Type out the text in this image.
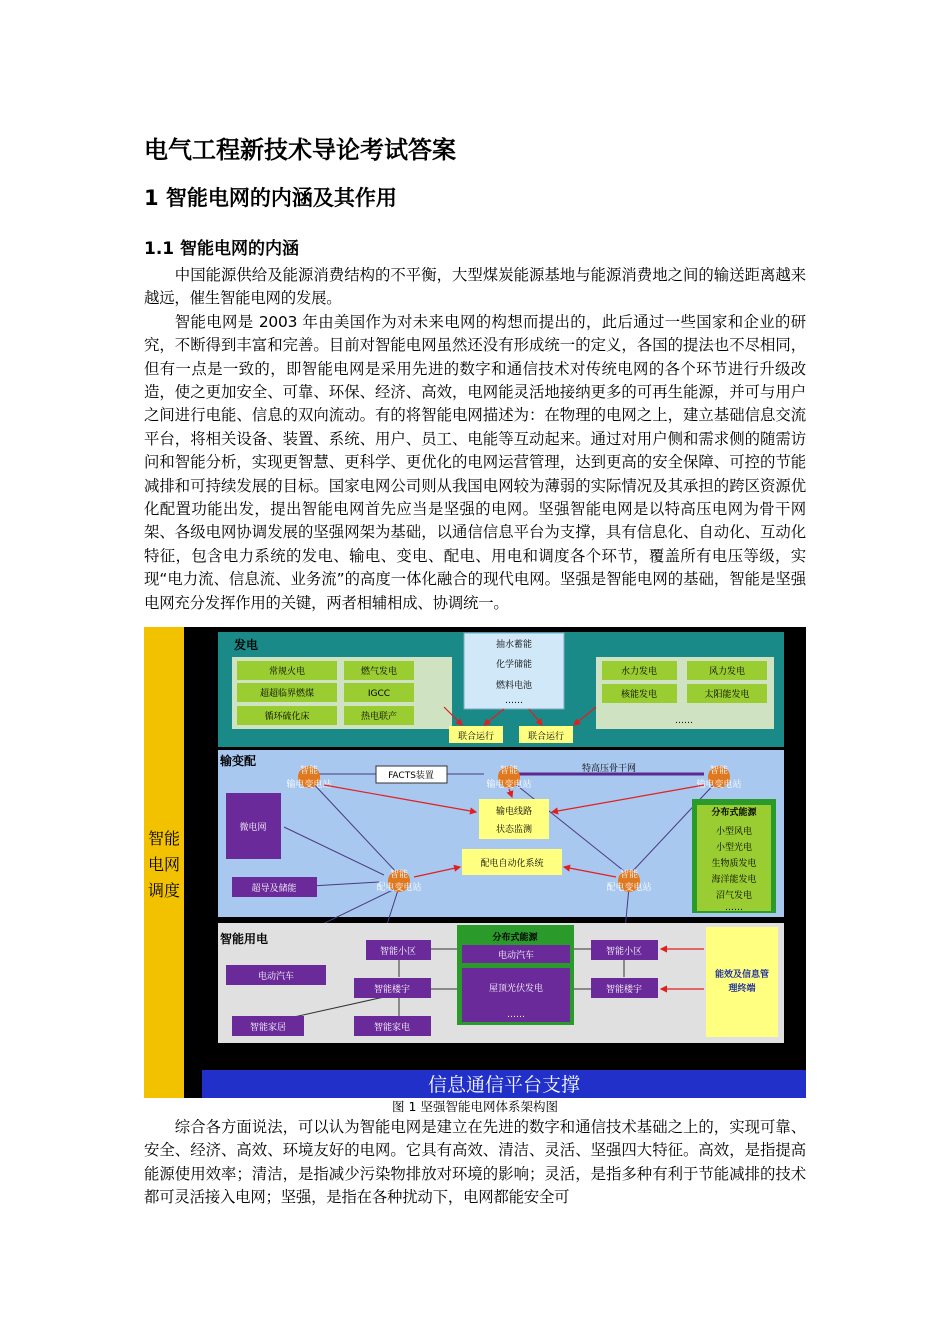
电气工程新技术导论考试答案
1 智能电网的内涵及其作用
1.1 智能电网的内涵

中国能源供给及能源消费结构的不平衡，大型煤炭能源基地与能源消费地之间的输送距离越来越远，催生智能电网的发展。

智能电网是 2003 年由美国作为对未来电网的构想而提出的，此后通过一些国家和企业的研究，不断得到丰富和完善。目前对智能电网虽然还没有形成统一的定义，各国的提法也不尽相同，但有一点是一致的，即智能电网是采用先进的数字和通信技术对传统电网的各个环节进行升级改造，使之更加安全、可靠、环保、经济、高效，电网能灵活地接纳更多的可再生能源，并可与用户之间进行电能、信息的双向流动。有的将智能电网描述为：在物理的电网之上，建立基础信息交流平台，将相关设备、装置、系统、用户、员工、电能等互动起来。通过对用户侧和需求侧的随需访问和智能分析，实现更智慧、更科学、更优化的电网运营管理，达到更高的安全保障、可控的节能减排和可持续发展的目标。国家电网公司则从我国电网较为薄弱的实际情况及其承担的跨区资源优化配置功能出发，提出智能电网首先应当是坚强的电网。坚强智能电网是以特高压电网为骨干网架、各级电网协调发展的坚强网架为基础，以通信信息平台为支撑，具有信息化、自动化、互动化特征，包含电力系统的发电、输电、变电、配电、用电和调度各个环节，覆盖所有电压等级，实现“电力流、信息流、业务流”的高度一体化融合的现代电网。坚强是智能电网的基础，智能是坚强电网充分发挥作用的关键，两者相辅相成、协调统一。

智能
电网
调度
发电
常规火电
超超临界燃煤
循环硫化床
燃气发电
IGCC
热电联产
抽水蓄能
化学储能
燃料电池
……
水力发电
核能发电
风力发电
太阳能发电
……
联合运行	联合运行
输变配
特高压骨干网
FACTS装置
智能
输电变电站
智能
输电变电站
智能
输电变电站
输电线路
状态监测
微电网
超导及储能
智能
配电变电站
智能
配电变电站
配电自动化系统
分布式能源
小型风电
小型光电
生物质发电
海洋能发电
沼气发电
……
智能用电
电动汽车
智能家居
智能小区
智能楼宇
智能家电
分布式能源
电动汽车
屋顶光伏发电
……
智能小区
智能楼宇
能效及信息管
理终端
信息通信平台支撑
图 1 坚强智能电网体系架构图

综合各方面说法，可以认为智能电网是建立在先进的数字和通信技术基础之上的，实现可靠、安全、经济、高效、环境友好的电网。它具有高效、清洁、灵活、坚强四大特征。高效，是指提高能源使用效率；清洁，是指减少污染物排放对环境的影响；灵活，是指多种有利于节能减排的技术都可灵活接入电网；坚强，是指在各种扰动下，电网都能安全可
